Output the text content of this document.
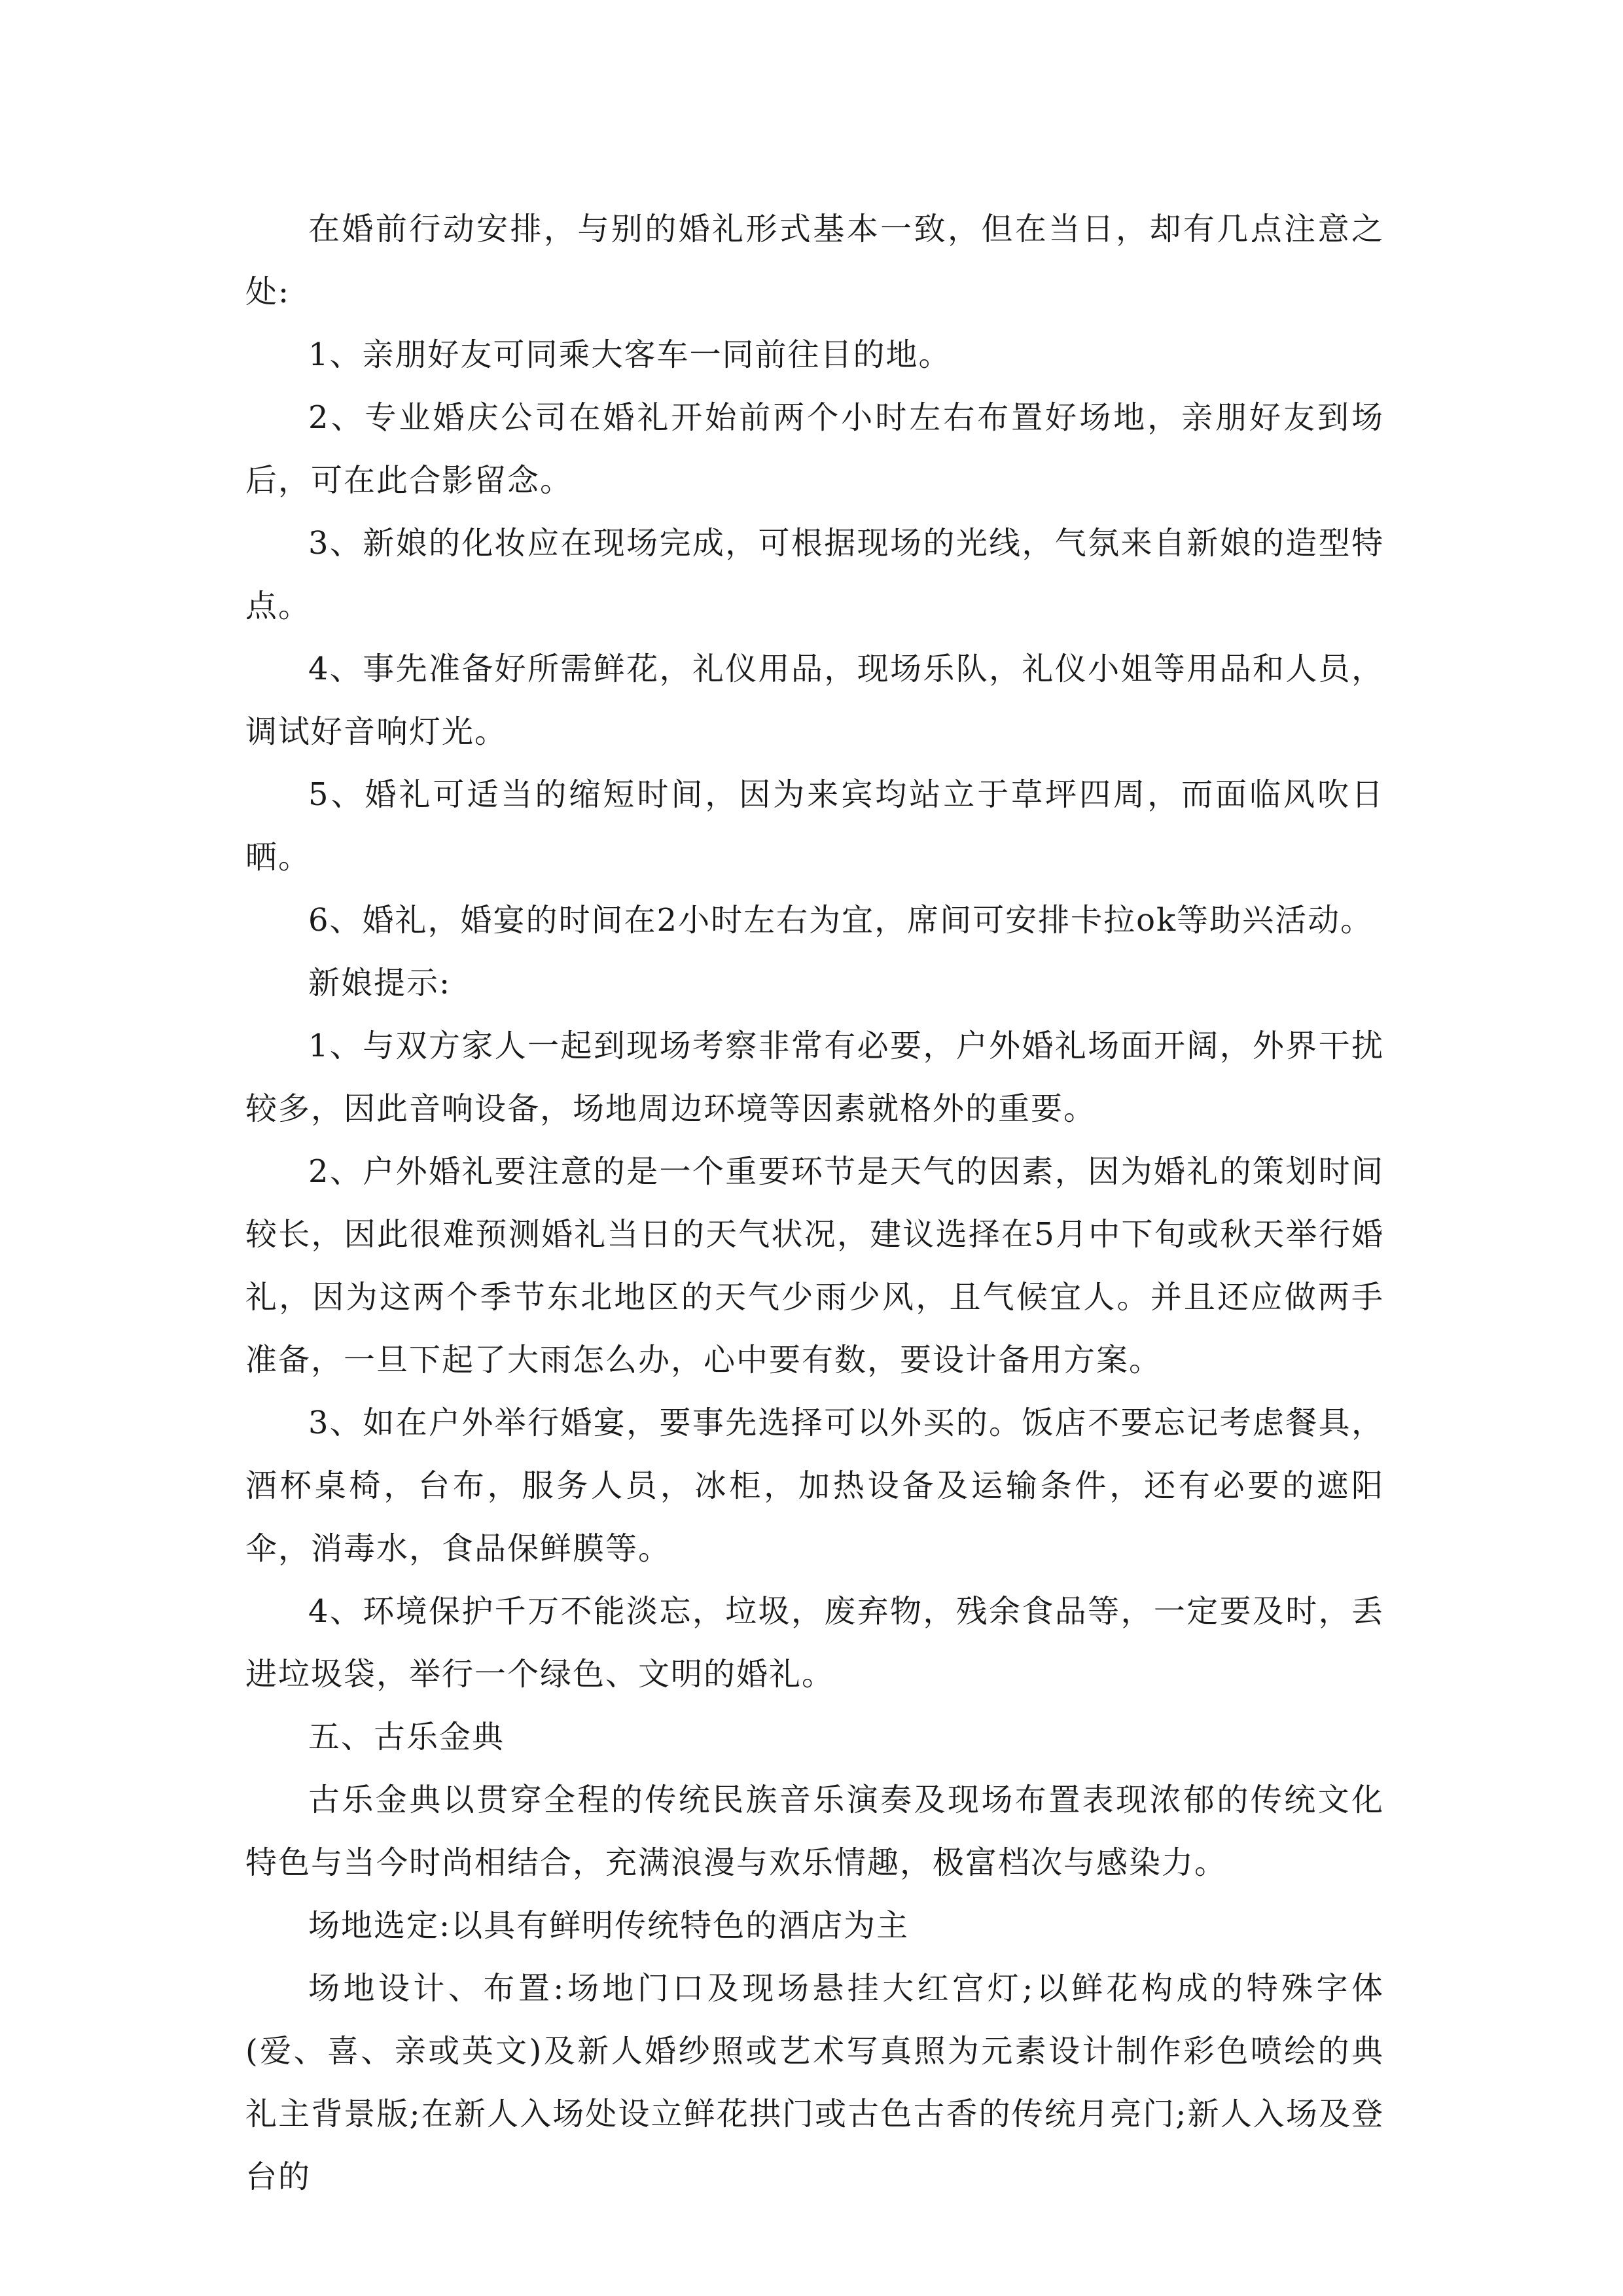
在婚前行动安排，与别的婚礼形式基本一致，但在当日，却有几点注意之处:

1、亲朋好友可同乘大客车一同前往目的地。

2、专业婚庆公司在婚礼开始前两个小时左右布置好场地，亲朋好友到场后，可在此合影留念。

3、新娘的化妆应在现场完成，可根据现场的光线，气氛来自新娘的造型特点。

4、事先准备好所需鲜花，礼仪用品，现场乐队，礼仪小姐等用品和人员，调试好音响灯光。

5、婚礼可适当的缩短时间，因为来宾均站立于草坪四周，而面临风吹日晒。

6、婚礼，婚宴的时间在2小时左右为宜，席间可安排卡拉ok等助兴活动。

新娘提示:

1、与双方家人一起到现场考察非常有必要，户外婚礼场面开阔，外界干扰较多，因此音响设备，场地周边环境等因素就格外的重要。

2、户外婚礼要注意的是一个重要环节是天气的因素，因为婚礼的策划时间较长，因此很难预测婚礼当日的天气状况，建议选择在5月中下旬或秋天举行婚礼，因为这两个季节东北地区的天气少雨少风，且气候宜人。并且还应做两手准备，一旦下起了大雨怎么办，心中要有数，要设计备用方案。

3、如在户外举行婚宴，要事先选择可以外买的。饭店不要忘记考虑餐具，酒杯桌椅，台布，服务人员，冰柜，加热设备及运输条件，还有必要的遮阳伞，消毒水，食品保鲜膜等。

4、环境保护千万不能淡忘，垃圾，废弃物，残余食品等，一定要及时，丢进垃圾袋，举行一个绿色、文明的婚礼。

五、古乐金典

古乐金典以贯穿全程的传统民族音乐演奏及现场布置表现浓郁的传统文化特色与当今时尚相结合，充满浪漫与欢乐情趣，极富档次与感染力。

场地选定:以具有鲜明传统特色的酒店为主

场地设计、布置:场地门口及现场悬挂大红宫灯;以鲜花构成的特殊字体(爱、喜、亲或英文)及新人婚纱照或艺术写真照为元素设计制作彩色喷绘的典礼主背景版;在新人入场处设立鲜花拱门或古色古香的传统月亮门;新人入场及登台的
